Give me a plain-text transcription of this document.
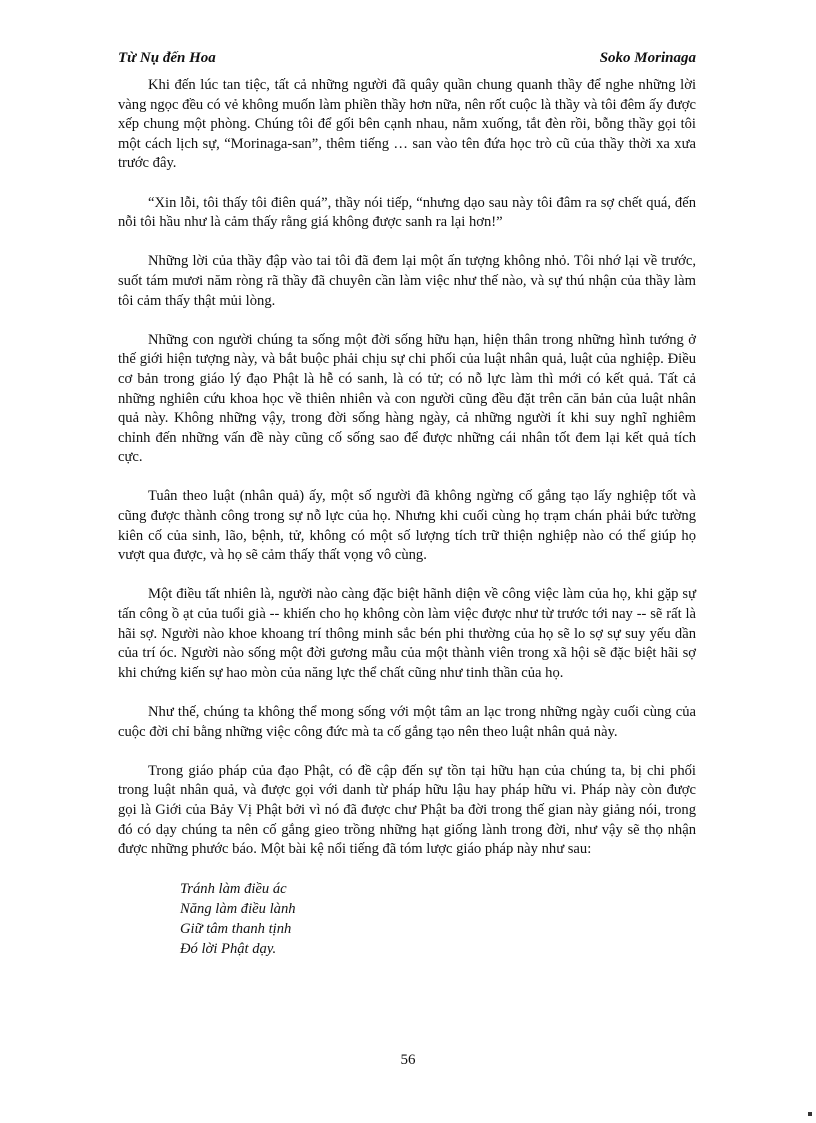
Từ Nụ đến Hoa	Soko Morinaga

Khi đến lúc tan tiệc, tất cả những người đã quây quần chung quanh thầy để nghe những lời vàng ngọc đều có vẻ không muốn làm phiền thầy hơn nữa, nên rốt cuộc là thầy và tôi đêm ấy được xếp chung một phòng. Chúng tôi để gối bên cạnh nhau, nằm xuống, tắt đèn rồi, bỗng thầy gọi tôi một cách lịch sự, “Morinaga-san”, thêm tiếng … san vào tên đứa học trò cũ của thầy thời xa xưa trước đây.

“Xin lỗi, tôi thấy tôi điên quá”, thầy nói tiếp, “nhưng dạo sau này tôi đâm ra sợ chết quá, đến nỗi tôi hầu như là cảm thấy rằng giá không được sanh ra lại hơn!”

Những lời của thầy đập vào tai tôi đã đem lại một ấn tượng không nhỏ. Tôi nhớ lại về trước, suốt tám mươi năm ròng rã thầy đã chuyên cần làm việc như thế nào, và sự thú nhận của thầy làm tôi cảm thấy thật mủi lòng.

Những con người chúng ta sống một đời sống hữu hạn, hiện thân trong những hình tướng ở thế giới hiện tượng này, và bắt buộc phải chịu sự chi phối của luật nhân quả, luật của nghiệp. Điều cơ bản trong giáo lý đạo Phật là hễ có sanh, là có tử; có nỗ lực làm thì mới có kết quả. Tất cả những nghiên cứu khoa học về thiên nhiên và con người cũng đều đặt trên căn bản của luật nhân quả này. Không những vậy, trong đời sống hàng ngày, cả những người ít khi suy nghĩ nghiêm chỉnh đến những vấn đề này cũng cố sống sao để được những cái nhân tốt đem lại kết quả tích cực.

Tuân theo luật (nhân quả) ấy, một số người đã không ngừng cố gắng tạo lấy nghiệp tốt và cũng được thành công trong sự nỗ lực của họ. Nhưng khi cuối cùng họ trạm chán phải bức tường kiên cố của sinh, lão, bệnh, tử, không có một số lượng tích trữ thiện nghiệp nào có thể giúp họ vượt qua được, và họ sẽ cảm thấy thất vọng vô cùng.

Một điều tất nhiên là, người nào càng đặc biệt hãnh diện về công việc làm của họ, khi gặp sự tấn công ồ ạt của tuổi già -- khiến cho họ không còn làm việc được như từ trước tới nay -- sẽ rất là hãi sợ. Người nào khoe khoang trí thông minh sắc bén phi thường của họ sẽ lo sợ sự suy yếu dần của trí óc. Người nào sống một đời gương mẫu của một thành viên trong xã hội sẽ đặc biệt hãi sợ khi chứng kiến sự hao mòn của năng lực thể chất cũng như tinh thần của họ.

Như thế, chúng ta không thể mong sống với một tâm an lạc trong những ngày cuối cùng của cuộc đời chỉ bằng những việc công đức mà ta cố gắng tạo nên theo luật nhân quả này.

Trong giáo pháp của đạo Phật, có đề cập đến sự tồn tại hữu hạn của chúng ta, bị chi phối trong luật nhân quả, và được gọi với danh từ pháp hữu lậu hay pháp hữu vi. Pháp này còn được gọi là Giới của Bảy Vị Phật bởi vì nó đã được chư Phật ba đời trong thế gian này giảng nói, trong đó có dạy chúng ta nên cố gắng gieo trồng những hạt giống lành trong đời, như vậy sẽ thọ nhận được những phước báo. Một bài kệ nổi tiếng đã tóm lược giáo pháp này như sau:

Tránh làm điều ác
Năng làm điều lành
Giữ tâm thanh tịnh
Đó lời Phật dạy.
56
